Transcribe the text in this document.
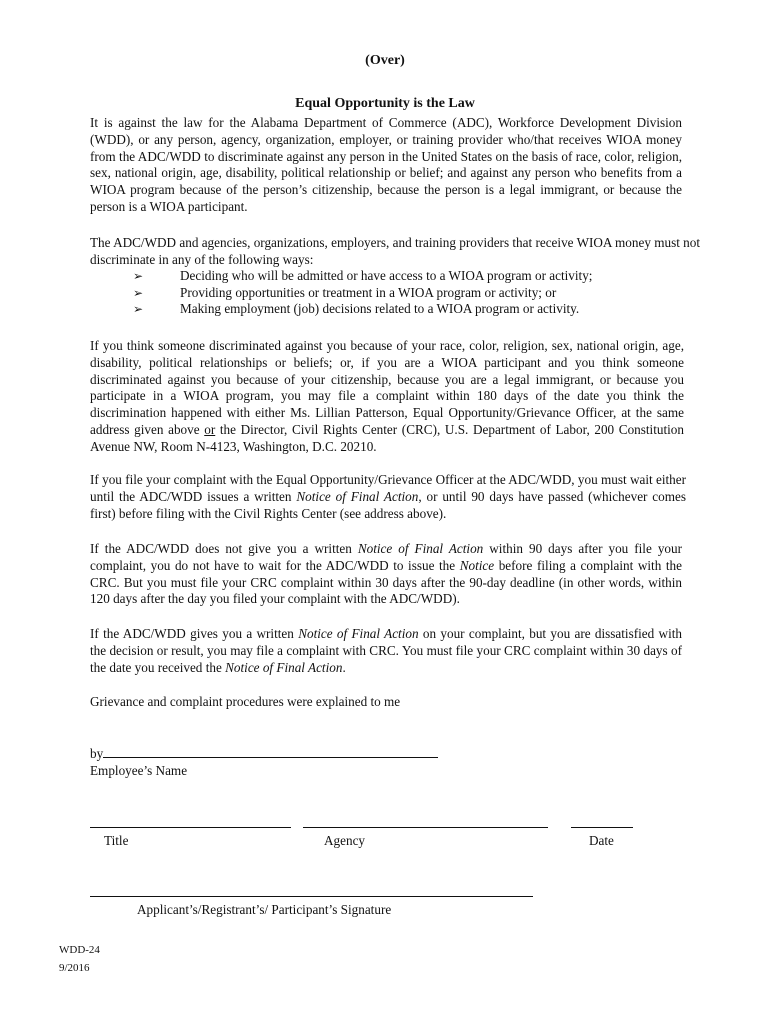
(Over)
Equal Opportunity is the Law

It is against the law for the Alabama Department of Commerce (ADC), Workforce Development Division (WDD), or any person, agency, organization, employer, or training provider who/that receives WIOA money from the ADC/WDD to discriminate against any person in the United States on the basis of race, color, religion, sex, national origin, age, disability, political relationship or belief; and against any person who benefits from a WIOA program because of the person’s citizenship, because the person is a legal immigrant, or because the person is a WIOA participant.

The ADC/WDD and agencies, organizations, employers, and training providers that receive WIOA money must not discriminate in any of the following ways:

➢	Deciding who will be admitted or have access to a WIOA program or activity;
➢	Providing opportunities or treatment in a WIOA program or activity; or
➢	Making employment (job) decisions related to a WIOA program or activity.

If you think someone discriminated against you because of your race, color, religion, sex, national origin, age, disability, political relationships or beliefs; or, if you are a WIOA participant and you think someone discriminated against you because of your citizenship, because you are a legal immigrant, or because you participate in a WIOA program, you may file a complaint within 180 days of the date you think the discrimination happened with either Ms. Lillian Patterson, Equal Opportunity/Grievance Officer, at the same address given above or the Director, Civil Rights Center (CRC), U.S. Department of Labor, 200 Constitution Avenue NW, Room N-4123, Washington, D.C. 20210.

If you file your complaint with the Equal Opportunity/Grievance Officer at the ADC/WDD, you must wait either until the ADC/WDD issues a written Notice of Final Action, or until 90 days have passed (whichever comes first) before filing with the Civil Rights Center (see address above).

If the ADC/WDD does not give you a written Notice of Final Action within 90 days after you file your complaint, you do not have to wait for the ADC/WDD to issue the Notice before filing a complaint with the CRC. But you must file your CRC complaint within 30 days after the 90-day deadline (in other words, within 120 days after the day you filed your complaint with the ADC/WDD).

If the ADC/WDD gives you a written Notice of Final Action on your complaint, but you are dissatisfied with the decision or result, you may file a complaint with CRC. You must file your CRC complaint within 30 days of the date you received the Notice of Final Action.

Grievance and complaint procedures were explained to me

by
Employee’s Name
Title	Agency	Date
Applicant’s/Registrant’s/ Participant’s Signature
WDD-24
9/2016
